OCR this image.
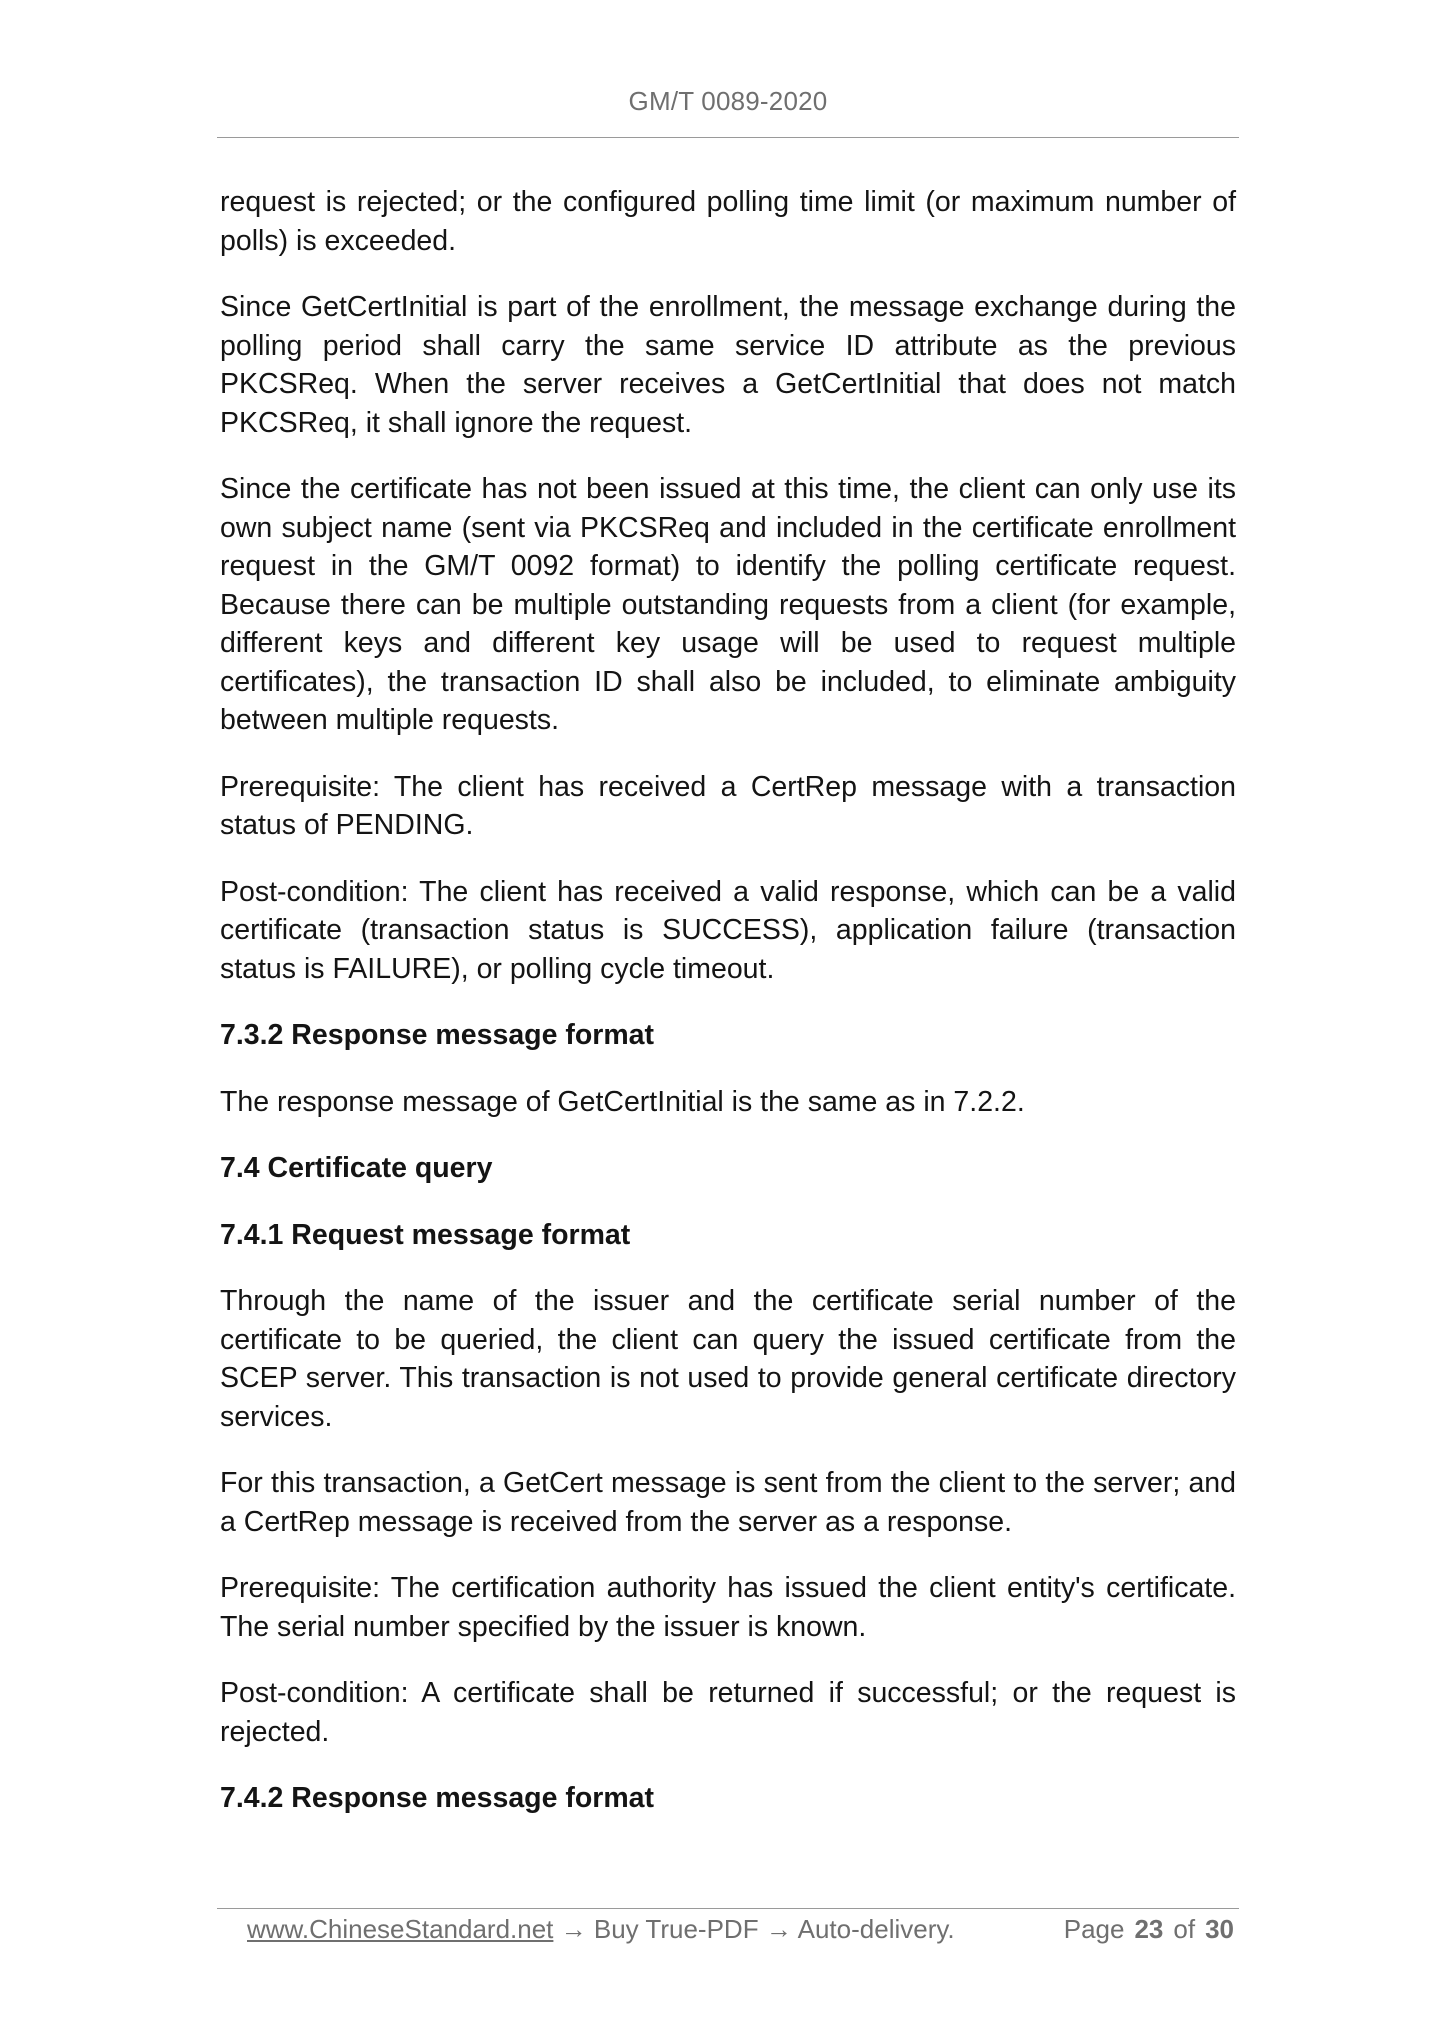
GM/T 0089-2020

request is rejected; or the configured polling time limit (or maximum number of polls) is exceeded.

Since GetCertInitial is part of the enrollment, the message exchange during the polling period shall carry the same service ID attribute as the previous PKCSReq. When the server receives a GetCertInitial that does not match PKCSReq, it shall ignore the request.

Since the certificate has not been issued at this time, the client can only use its own subject name (sent via PKCSReq and included in the certificate enrollment request in the GM/T 0092 format) to identify the polling certificate request. Because there can be multiple outstanding requests from a client (for example, different keys and different key usage will be used to request multiple certificates), the transaction ID shall also be included, to eliminate ambiguity between multiple requests.

Prerequisite: The client has received a CertRep message with a transaction status of PENDING.

Post-condition: The client has received a valid response, which can be a valid certificate (transaction status is SUCCESS), application failure (transaction status is FAILURE), or polling cycle timeout.

7.3.2 Response message format

The response message of GetCertInitial is the same as in 7.2.2.

7.4 Certificate query
7.4.1 Request message format

Through the name of the issuer and the certificate serial number of the certificate to be queried, the client can query the issued certificate from the SCEP server. This transaction is not used to provide general certificate directory services.

For this transaction, a GetCert message is sent from the client to the server; and a CertRep message is received from the server as a response.

Prerequisite: The certification authority has issued the client entity's certificate. The serial number specified by the issuer is known.

Post-condition: A certificate shall be returned if successful; or the request is rejected.

7.4.2 Response message format
www.ChineseStandard.net → Buy True-PDF → Auto-delivery.	Page 23 of 30
